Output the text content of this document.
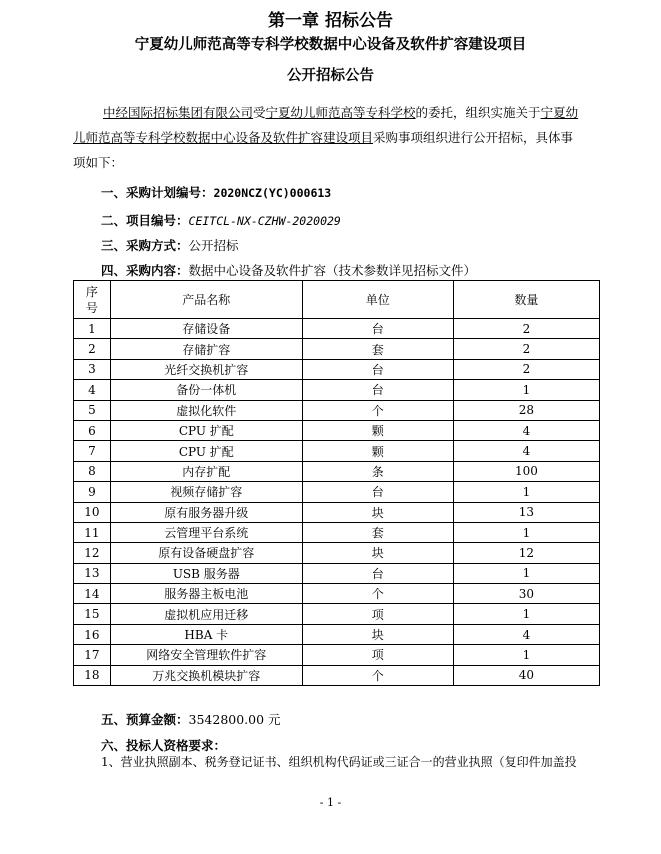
第一章 招标公告
宁夏幼儿师范高等专科学校数据中心设备及软件扩容建设项目
公开招标公告
中经国际招标集团有限公司受宁夏幼儿师范高等专科学校的委托，组织实施关于宁夏幼儿师范高等专科学校数据中心设备及软件扩容建设项目采购事项组织进行公开招标，具体事项如下：
一、采购计划编号：2020NCZ(YC)000613
二、项目编号：CEITCL-NX-CZHW-2020029
三、采购方式：公开招标
四、采购内容：数据中心设备及软件扩容（技术参数详见招标文件）
序
号	产品名称	单位	数量
1	存储设备	台	2
2	存储扩容	套	2
3	光纤交换机扩容	台	2
4	备份一体机	台	1
5	虚拟化软件	个	28
6	CPU 扩配	颗	4
7	CPU 扩配	颗	4
8	内存扩配	条	100
9	视频存储扩容	台	1
10	原有服务器升级	块	13
11	云管理平台系统	套	1
12	原有设备硬盘扩容	块	12
13	USB 服务器	台	1
14	服务器主板电池	个	30
15	虚拟机应用迁移	项	1
16	HBA 卡	块	4
17	网络安全管理软件扩容	项	1
18	万兆交换机模块扩容	个	40
五、预算金额：3542800.00 元
六、投标人资格要求：
1、营业执照副本、税务登记证书、组织机构代码证或三证合一的营业执照（复印件加盖投
- 1 -
